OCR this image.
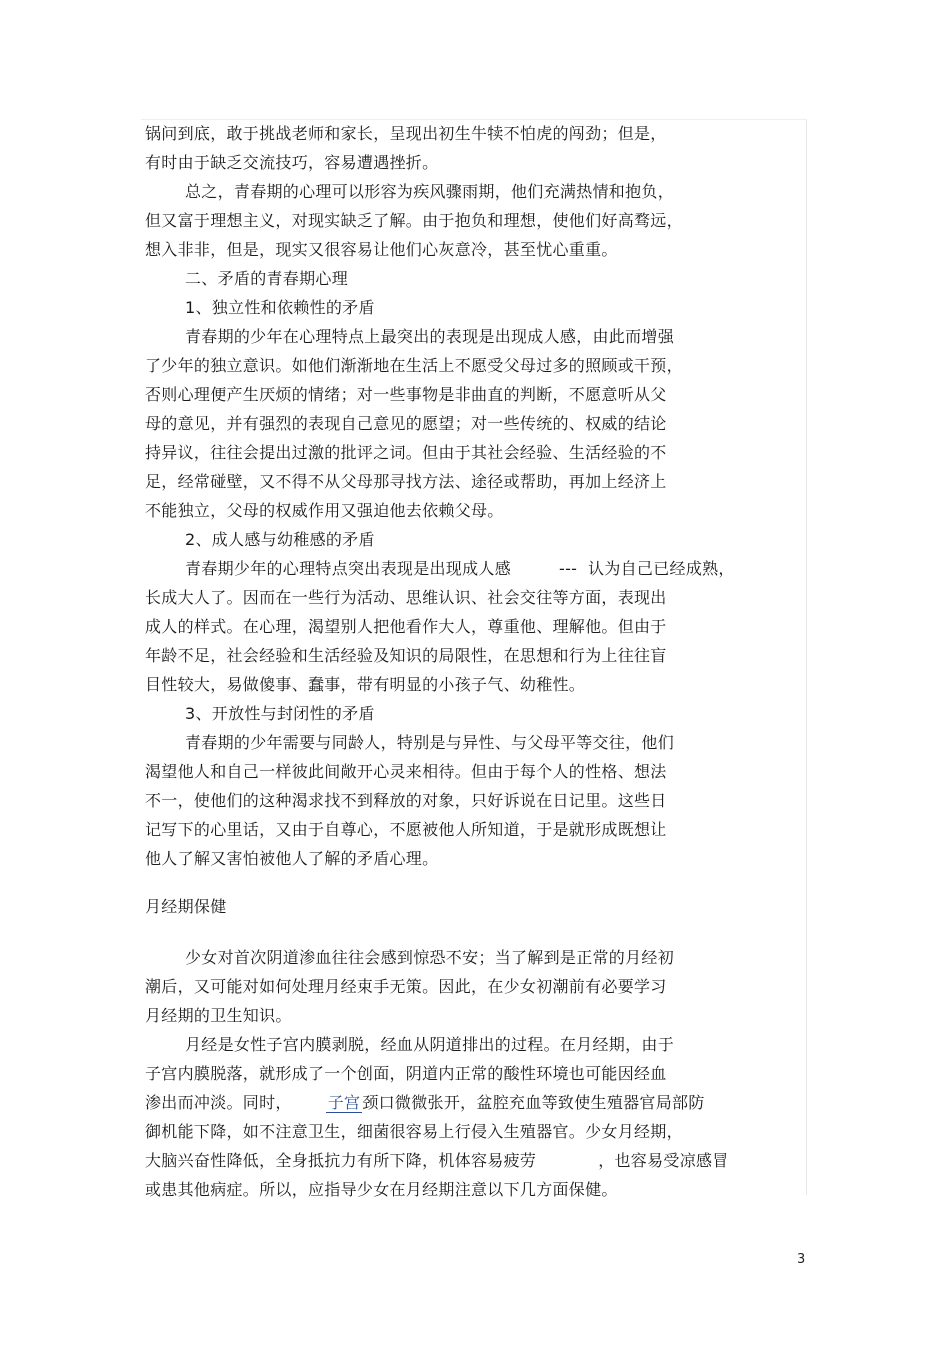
锅问到底，敢于挑战老师和家长，呈现出初生牛犊不怕虎的闯劲；但是，
有时由于缺乏交流技巧，容易遭遇挫折。
总之，青春期的心理可以形容为疾风骤雨期，他们充满热情和抱负，
但又富于理想主义，对现实缺乏了解。由于抱负和理想，使他们好高骛远，
想入非非，但是，现实又很容易让他们心灰意冷，甚至忧心重重。
二、矛盾的青春期心理
1、独立性和依赖性的矛盾
青春期的少年在心理特点上最突出的表现是出现成人感，由此而增强
了少年的独立意识。如他们渐渐地在生活上不愿受父母过多的照顾或干预，
否则心理便产生厌烦的情绪；对一些事物是非曲直的判断，不愿意听从父
母的意见，并有强烈的表现自己意见的愿望；对一些传统的、权威的结论
持异议，往往会提出过激的批评之词。但由于其社会经验、生活经验的不
足，经常碰壁，又不得不从父母那寻找方法、途径或帮助，再加上经济上
不能独立，父母的权威作用又强迫他去依赖父母。
2、成人感与幼稚感的矛盾
青春期少年的心理特点突出表现是出现成人感	--- 认为自己已经成熟，
长成大人了。因而在一些行为活动、思维认识、社会交往等方面，表现出
成人的样式。在心理，渴望别人把他看作大人，尊重他、理解他。但由于
年龄不足，社会经验和生活经验及知识的局限性，在思想和行为上往往盲
目性较大，易做傻事、蠢事，带有明显的小孩子气、幼稚性。
3、开放性与封闭性的矛盾
青春期的少年需要与同龄人，特别是与异性、与父母平等交往，他们
渴望他人和自己一样彼此间敞开心灵来相待。但由于每个人的性格、想法
不一，使他们的这种渴求找不到释放的对象，只好诉说在日记里。这些日
记写下的心里话，又由于自尊心，不愿被他人所知道，于是就形成既想让
他人了解又害怕被他人了解的矛盾心理。
月经期保健
少女对首次阴道渗血往往会感到惊恐不安；当了解到是正常的月经初
潮后，又可能对如何处理月经束手无策。因此，在少女初潮前有必要学习
月经期的卫生知识。
月经是女性子宫内膜剥脱，经血从阴道排出的过程。在月经期，由于
子宫内膜脱落，就形成了一个创面，阴道内正常的酸性环境也可能因经血
渗出而冲淡。同时， 子宫 颈口微微张开，盆腔充血等致使生殖器官局部防
御机能下降，如不注意卫生，细菌很容易上行侵入生殖器官。少女月经期，
大脑兴奋性降低，全身抵抗力有所下降，机体容易疲劳	，也容易受凉感冒
或患其他病症。所以，应指导少女在月经期注意以下几方面保健。
3
